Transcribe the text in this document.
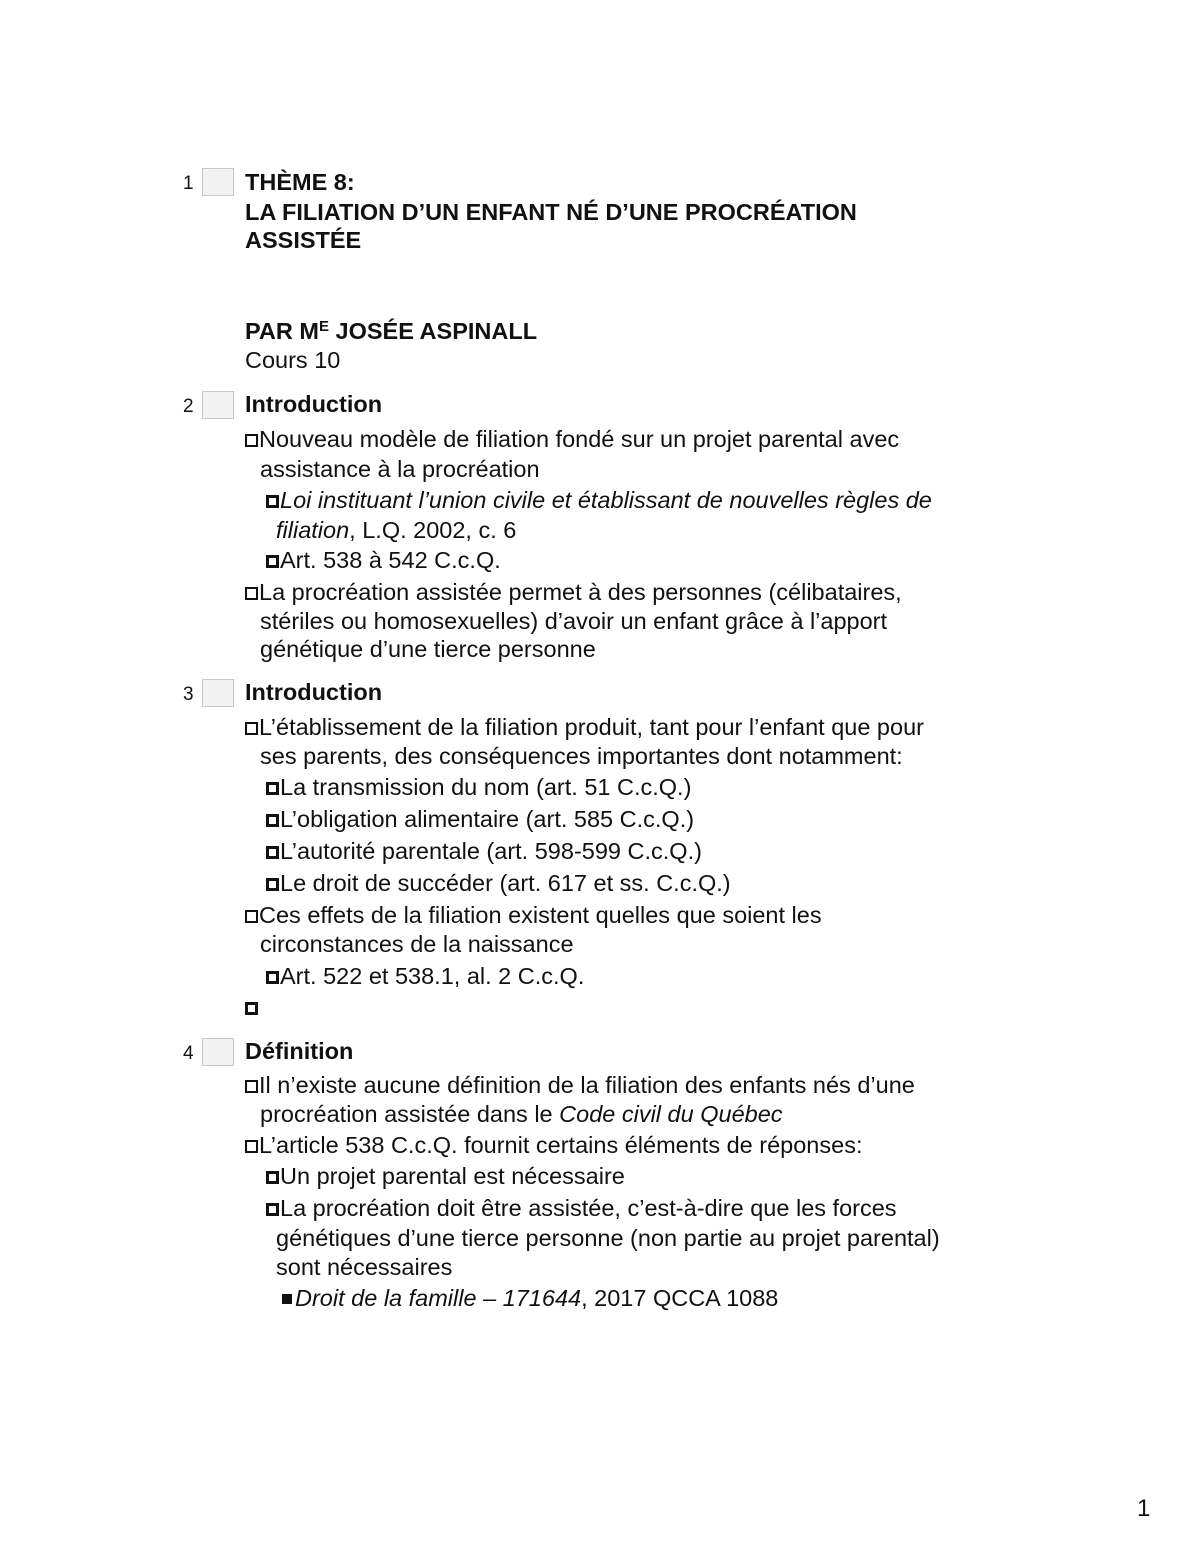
1 THÈME 8:
LA FILIATION D’UN ENFANT NÉ D’UNE PROCRÉATION
ASSISTÉE
PAR $M^E$ JOSÉE ASPINALL
Cours 10
2 Introduction
Nouveau modèle de filiation fondé sur un projet parental avec
assistance à la procréation
Loi instituant l’union civile et établissant de nouvelles règles de
filiation, L.Q. 2002, c. 6
Art. 538 à 542 C.c.Q.
La procréation assistée permet à des personnes (célibataires,
stériles ou homosexuelles) d’avoir un enfant grâce à l’apport
génétique d’une tierce personne
3 Introduction
L’établissement de la filiation produit, tant pour l’enfant que pour
ses parents, des conséquences importantes dont notamment:
La transmission du nom (art. 51 C.c.Q.)
L’obligation alimentaire (art. 585 C.c.Q.)
L’autorité parentale (art. 598-599 C.c.Q.)
Le droit de succéder (art. 617 et ss. C.c.Q.)
Ces effets de la filiation existent quelles que soient les
circonstances de la naissance
Art. 522 et 538.1, al. 2 C.c.Q.
4 Définition
Il n’existe aucune définition de la filiation des enfants nés d’une
procréation assistée dans le Code civil du Québec
L’article 538 C.c.Q. fournit certains éléments de réponses:
Un projet parental est nécessaire
La procréation doit être assistée, c’est-à-dire que les forces
génétiques d’une tierce personne (non partie au projet parental)
sont nécessaires
Droit de la famille – 171644, 2017 QCCA 1088
1
